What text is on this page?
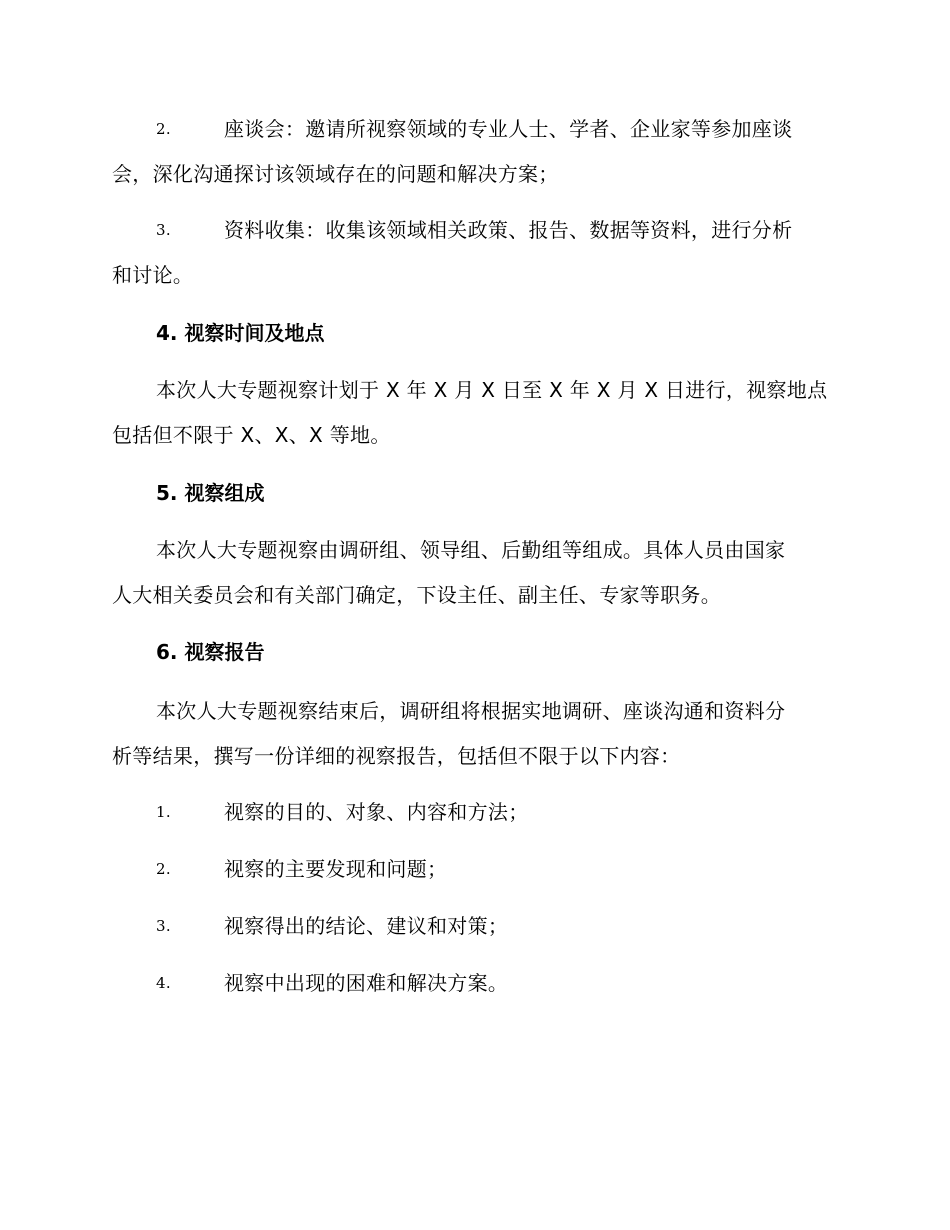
2.	座谈会：邀请所视察领域的专业人士、学者、企业家等参加座谈
会，深化沟通探讨该领域存在的问题和解决方案；
3.	资料收集：收集该领域相关政策、报告、数据等资料，进行分析
和讨论。
4. 视察时间及地点
本次人大专题视察计划于 X 年 X 月 X 日至 X 年 X 月 X 日进行，视察地点
包括但不限于 X、X、X 等地。
5. 视察组成
本次人大专题视察由调研组、领导组、后勤组等组成。具体人员由国家
人大相关委员会和有关部门确定，下设主任、副主任、专家等职务。
6. 视察报告
本次人大专题视察结束后，调研组将根据实地调研、座谈沟通和资料分
析等结果，撰写一份详细的视察报告，包括但不限于以下内容：
1.	视察的目的、对象、内容和方法；
2.	视察的主要发现和问题；
3.	视察得出的结论、建议和对策；
4.	视察中出现的困难和解决方案。
